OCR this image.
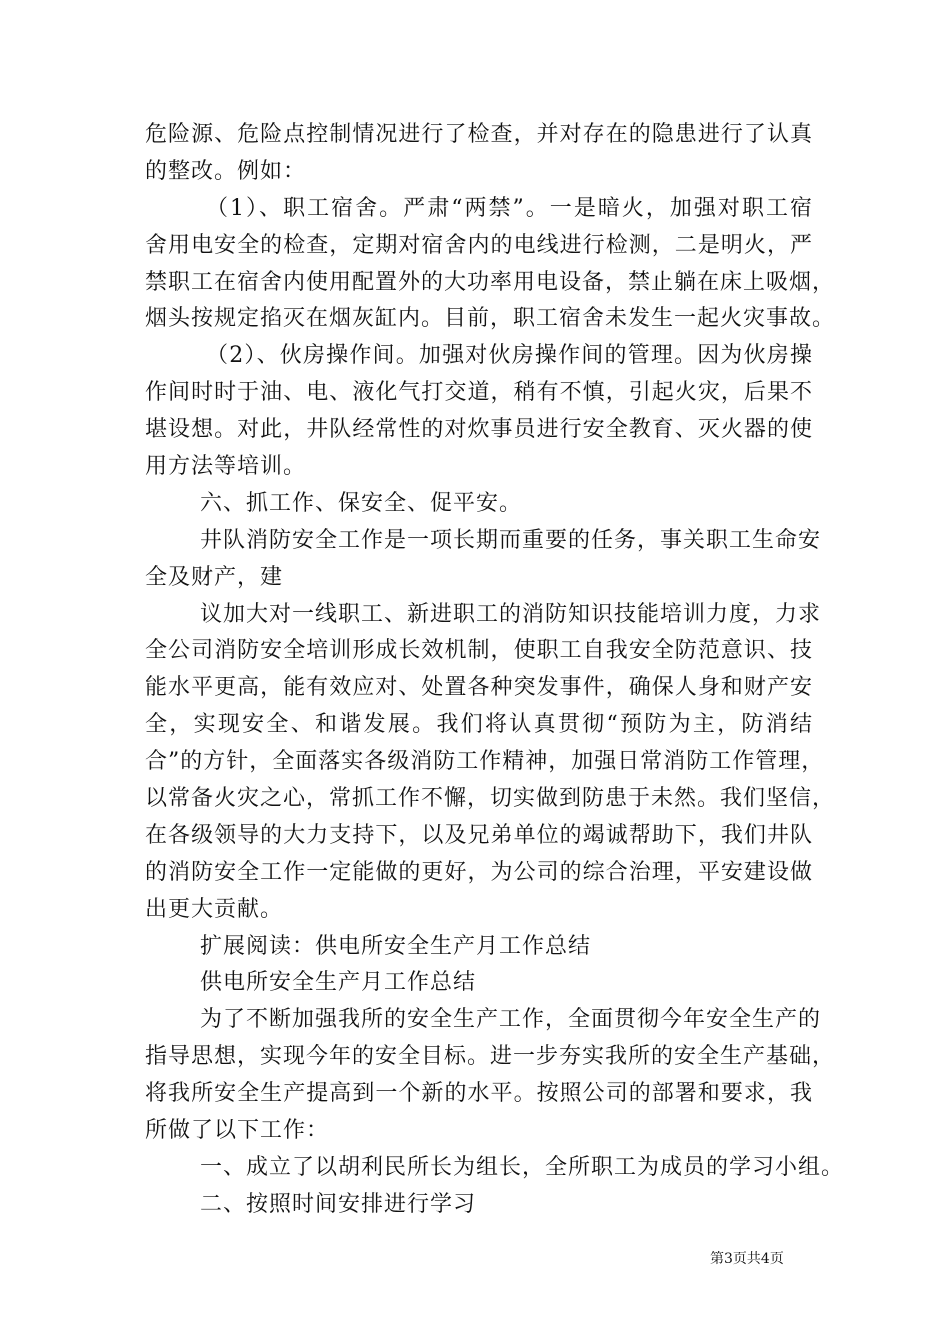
危险源、危险点控制情况进行了检查，并对存在的隐患进行了认真
的整改。例如：
（1）、职工宿舍。严肃“两禁”。一是暗火，加强对职工宿
舍用电安全的检查，定期对宿舍内的电线进行检测，二是明火，严
禁职工在宿舍内使用配置外的大功率用电设备，禁止躺在床上吸烟，
烟头按规定掐灭在烟灰缸内。目前，职工宿舍未发生一起火灾事故。
（2）、伙房操作间。加强对伙房操作间的管理。因为伙房操
作间时时于油、电、液化气打交道，稍有不慎，引起火灾，后果不
堪设想。对此，井队经常性的对炊事员进行安全教育、灭火器的使
用方法等培训。
六、抓工作、保安全、促平安。
井队消防安全工作是一项长期而重要的任务，事关职工生命安
全及财产，建
议加大对一线职工、新进职工的消防知识技能培训力度，力求
全公司消防安全培训形成长效机制，使职工自我安全防范意识、技
能水平更高，能有效应对、处置各种突发事件，确保人身和财产安
全，实现安全、和谐发展。我们将认真贯彻“预防为主，防消结
合”的方针，全面落实各级消防工作精神，加强日常消防工作管理，
以常备火灾之心，常抓工作不懈，切实做到防患于未然。我们坚信，
在各级领导的大力支持下，以及兄弟单位的竭诚帮助下，我们井队
的消防安全工作一定能做的更好，为公司的综合治理，平安建设做
出更大贡献。
扩展阅读：供电所安全生产月工作总结
供电所安全生产月工作总结
为了不断加强我所的安全生产工作，全面贯彻今年安全生产的
指导思想，实现今年的安全目标。进一步夯实我所的安全生产基础，
将我所安全生产提高到一个新的水平。按照公司的部署和要求，我
所做了以下工作：
一、成立了以胡利民所长为组长，全所职工为成员的学习小组。
二、按照时间安排进行学习
第3页共4页
